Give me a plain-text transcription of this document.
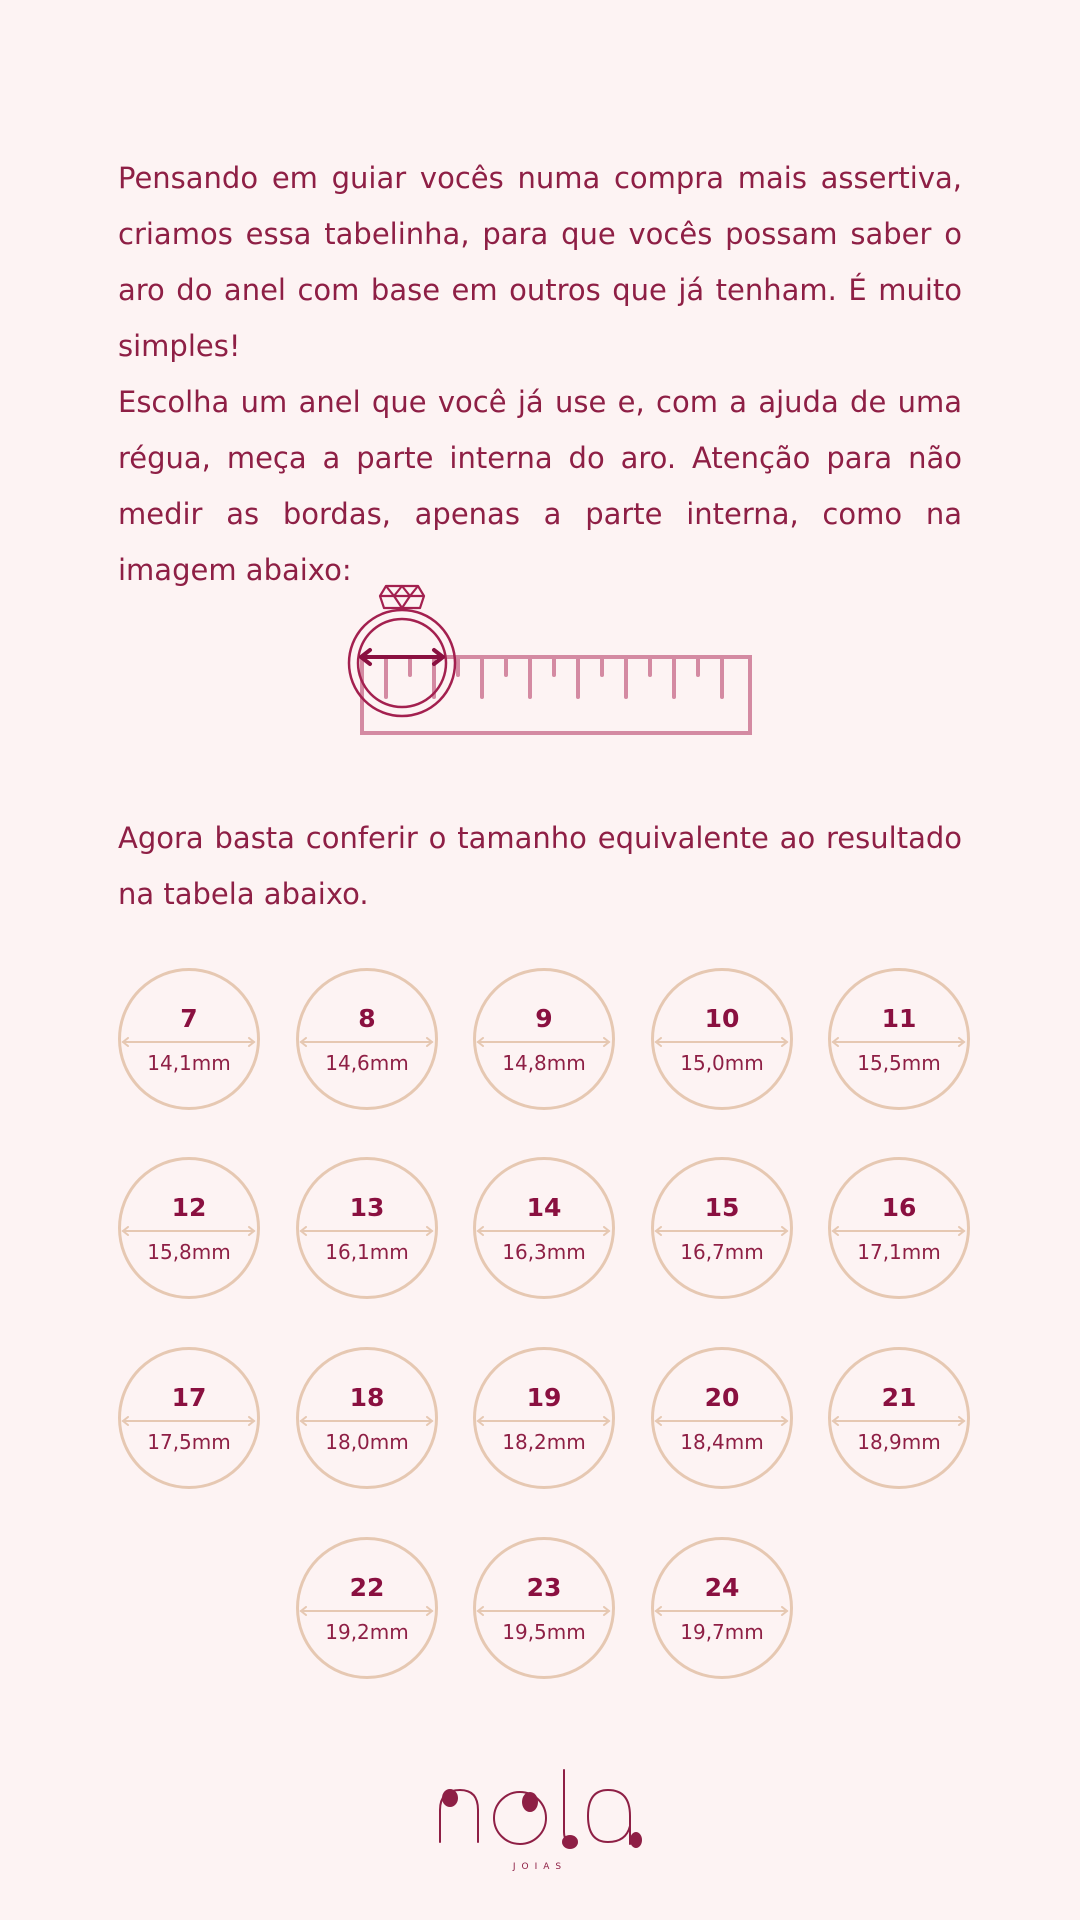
Pensando em guiar vocês numa compra mais assertiva, criamos essa tabelinha, para que vocês possam saber o aro do anel com base em outros que já tenham. É muito simples!
Escolha um anel que você já use e, com a ajuda de uma régua, meça a parte interna do aro. Atenção para não medir as bordas, apenas a parte interna, como na imagem abaixo:
Agora basta conferir o tamanho equivalente ao resultado na tabela abaixo.
7
14,1mm
8
14,6mm
9
14,8mm
10
15,0mm
11
15,5mm
12
15,8mm
13
16,1mm
14
16,3mm
15
16,7mm
16
17,1mm
17
17,5mm
18
18,0mm
19
18,2mm
20
18,4mm
21
18,9mm
22
19,2mm
23
19,5mm
24
19,7mm
JOIAS
